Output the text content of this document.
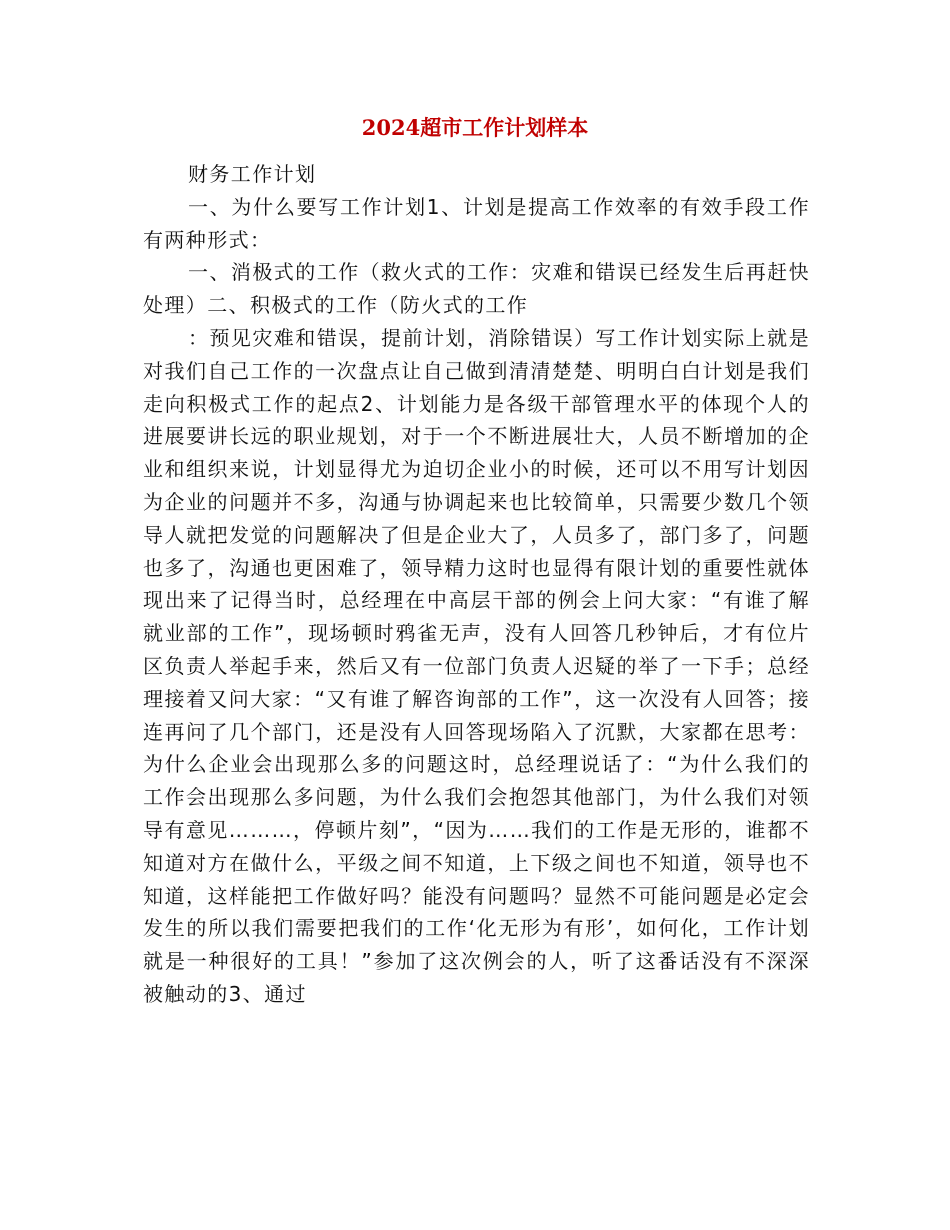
2024超市工作计划样本

财务工作计划

一、为什么要写工作计划1、计划是提高工作效率的有效手段工作有两种形式：

一、消极式的工作（救火式的工作：灾难和错误已经发生后再赶快处理）二、积极式的工作（防火式的工作

：预见灾难和错误，提前计划，消除错误）写工作计划实际上就是对我们自己工作的一次盘点让自己做到清清楚楚、明明白白计划是我们走向积极式工作的起点2、计划能力是各级干部管理水平的体现个人的进展要讲长远的职业规划，对于一个不断进展壮大，人员不断增加的企业和组织来说，计划显得尤为迫切企业小的时候，还可以不用写计划因为企业的问题并不多，沟通与协调起来也比较简单，只需要少数几个领导人就把发觉的问题解决了但是企业大了，人员多了，部门多了，问题也多了，沟通也更困难了，领导精力这时也显得有限计划的重要性就体现出来了记得当时，总经理在中高层干部的例会上问大家：“有谁了解就业部的工作”，现场顿时鸦雀无声，没有人回答几秒钟后，才有位片区负责人举起手来，然后又有一位部门负责人迟疑的举了一下手；总经理接着又问大家：“又有谁了解咨询部的工作”，这一次没有人回答；接连再问了几个部门，还是没有人回答现场陷入了沉默，大家都在思考：为什么企业会出现那么多的问题这时，总经理说话了：“为什么我们的工作会出现那么多问题，为什么我们会抱怨其他部门，为什么我们对领导有意见………，停顿片刻”，“因为……我们的工作是无形的，谁都不知道对方在做什么，平级之间不知道，上下级之间也不知道，领导也不知道，这样能把工作做好吗？能没有问题吗？显然不可能问题是必定会发生的所以我们需要把我们的工作‘化无形为有形’，如何化，工作计划就是一种很好的工具！”参加了这次例会的人，听了这番话没有不深深被触动的3、通过
